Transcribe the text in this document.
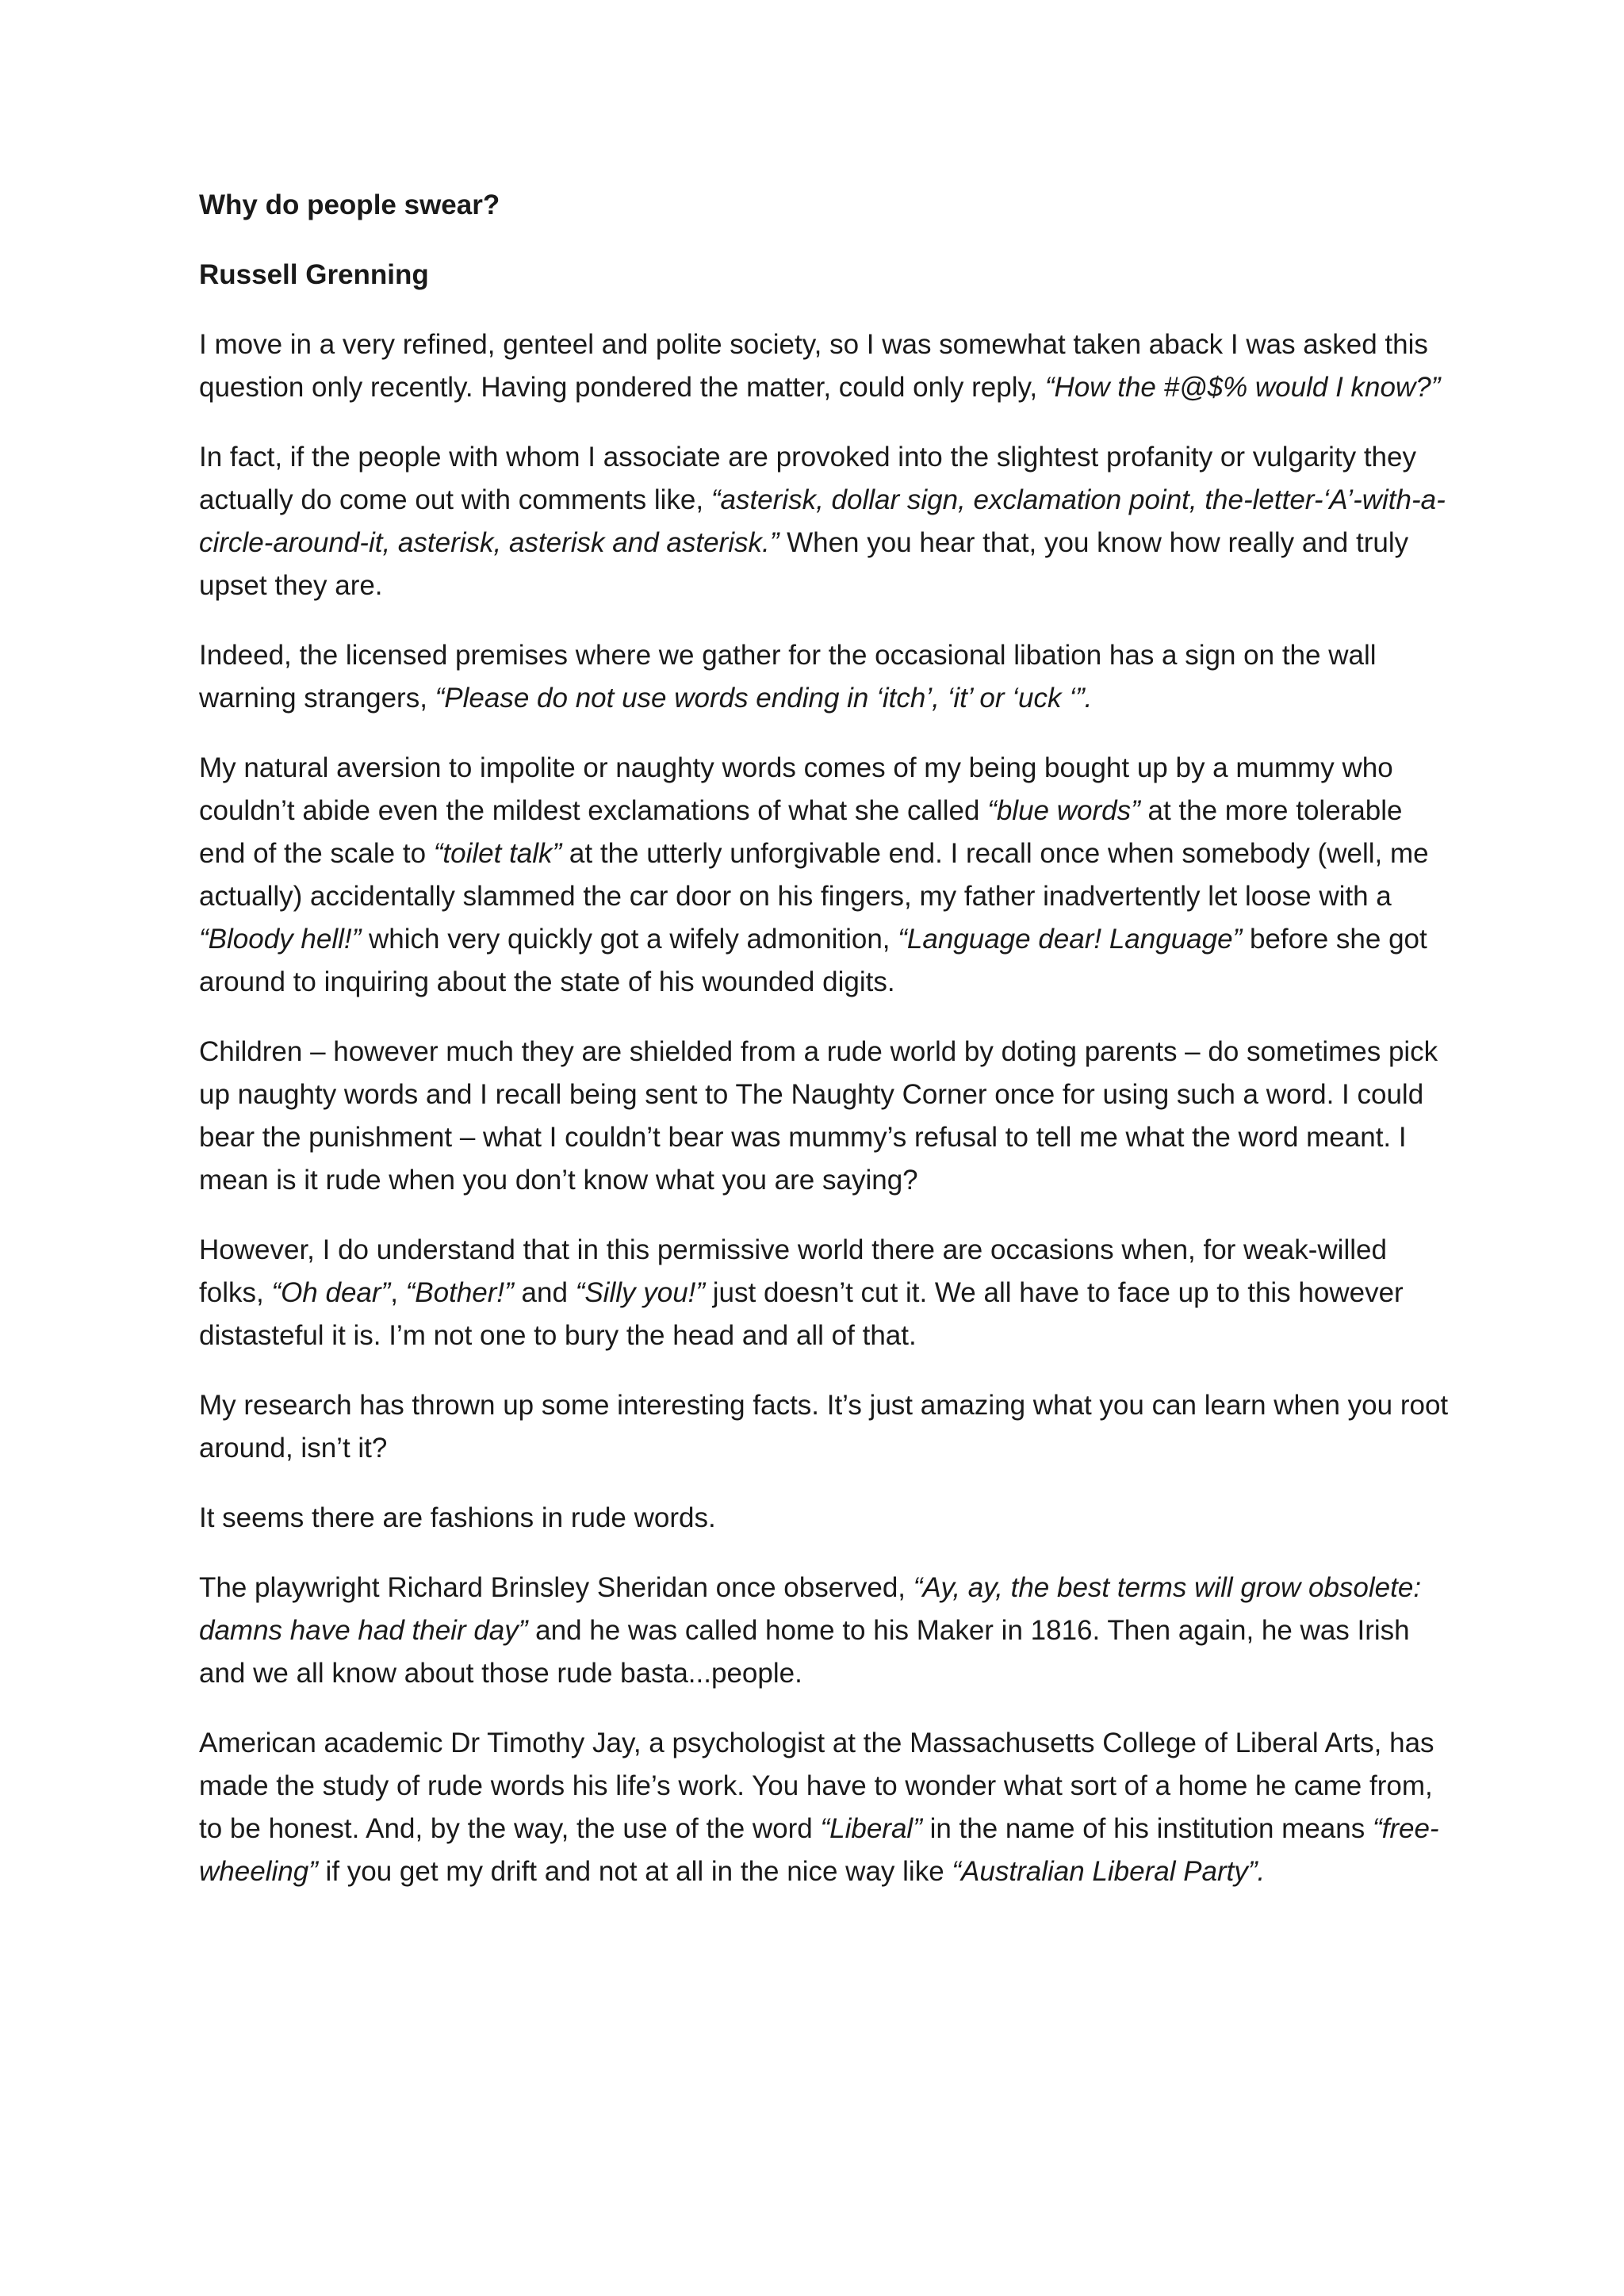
Why do people swear?
Russell Grenning

I move in a very refined, genteel and polite society, so I was somewhat taken aback I was asked this question only recently. Having pondered the matter, could only reply, “How the #@$% would I know?”

In fact, if the people with whom I associate are provoked into the slightest profanity or vulgarity they actually do come out with comments like, “asterisk, dollar sign, exclamation point, the-letter-‘A’-with-a-circle-around-it, asterisk, asterisk and asterisk.” When you hear that, you know how really and truly upset they are.

Indeed, the licensed premises where we gather for the occasional libation has a sign on the wall warning strangers, “Please do not use words ending in ‘itch’, ‘it’ or ‘uck ‘”.

My natural aversion to impolite or naughty words comes of my being bought up by a mummy who couldn’t abide even the mildest exclamations of what she called “blue words” at the more tolerable end of the scale to “toilet talk” at the utterly unforgivable end. I recall once when somebody (well, me actually) accidentally slammed the car door on his fingers, my father inadvertently let loose with a “Bloody hell!” which very quickly got a wifely admonition, “Language dear! Language” before she got around to inquiring about the state of his wounded digits.

Children – however much they are shielded from a rude world by doting parents – do sometimes pick up naughty words and I recall being sent to The Naughty Corner once for using such a word. I could bear the punishment – what I couldn’t bear was mummy’s refusal to tell me what the word meant. I mean is it rude when you don’t know what you are saying?

However, I do understand that in this permissive world there are occasions when, for weak-willed folks, “Oh dear”, “Bother!” and “Silly you!” just doesn’t cut it. We all have to face up to this however distasteful it is. I’m not one to bury the head and all of that.

My research has thrown up some interesting facts. It’s just amazing what you can learn when you root around, isn’t it?

It seems there are fashions in rude words.

The playwright Richard Brinsley Sheridan once observed, “Ay, ay, the best terms will grow obsolete: damns have had their day” and he was called home to his Maker in 1816. Then again, he was Irish and we all know about those rude basta...people.

American academic Dr Timothy Jay, a psychologist at the Massachusetts College of Liberal Arts, has made the study of rude words his life’s work. You have to wonder what sort of a home he came from, to be honest. And, by the way, the use of the word “Liberal” in the name of his institution means “free-wheeling” if you get my drift and not at all in the nice way like “Australian Liberal Party”.
